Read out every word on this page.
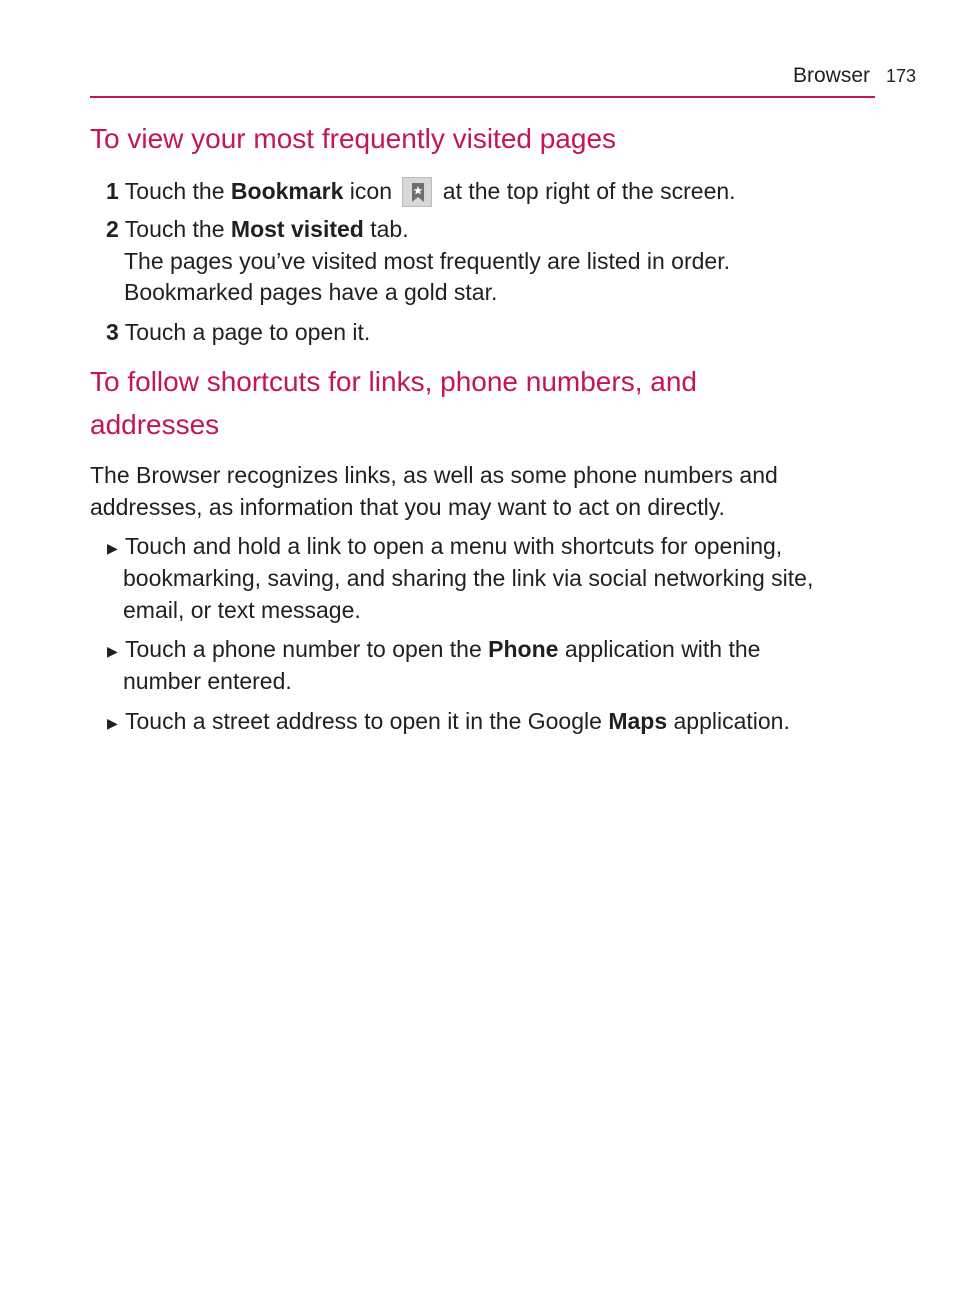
Browser 173
To view your most frequently visited pages
1 Touch the Bookmark icon
at the top right of the screen.
2 Touch the Most visited tab.
The pages you’ve visited most frequently are listed in order.
Bookmarked pages have a gold star.
3 Touch a page to open it.
To follow shortcuts for links, phone numbers, and
addresses
The Browser recognizes links, as well as some phone numbers and
addresses, as information that you may want to act on directly.
▶ Touch and hold a link to open a menu with shortcuts for opening,
bookmarking, saving, and sharing the link via social networking site,
email, or text message.
▶ Touch a phone number to open the Phone application with the
number entered.
▶ Touch a street address to open it in the Google Maps application.
